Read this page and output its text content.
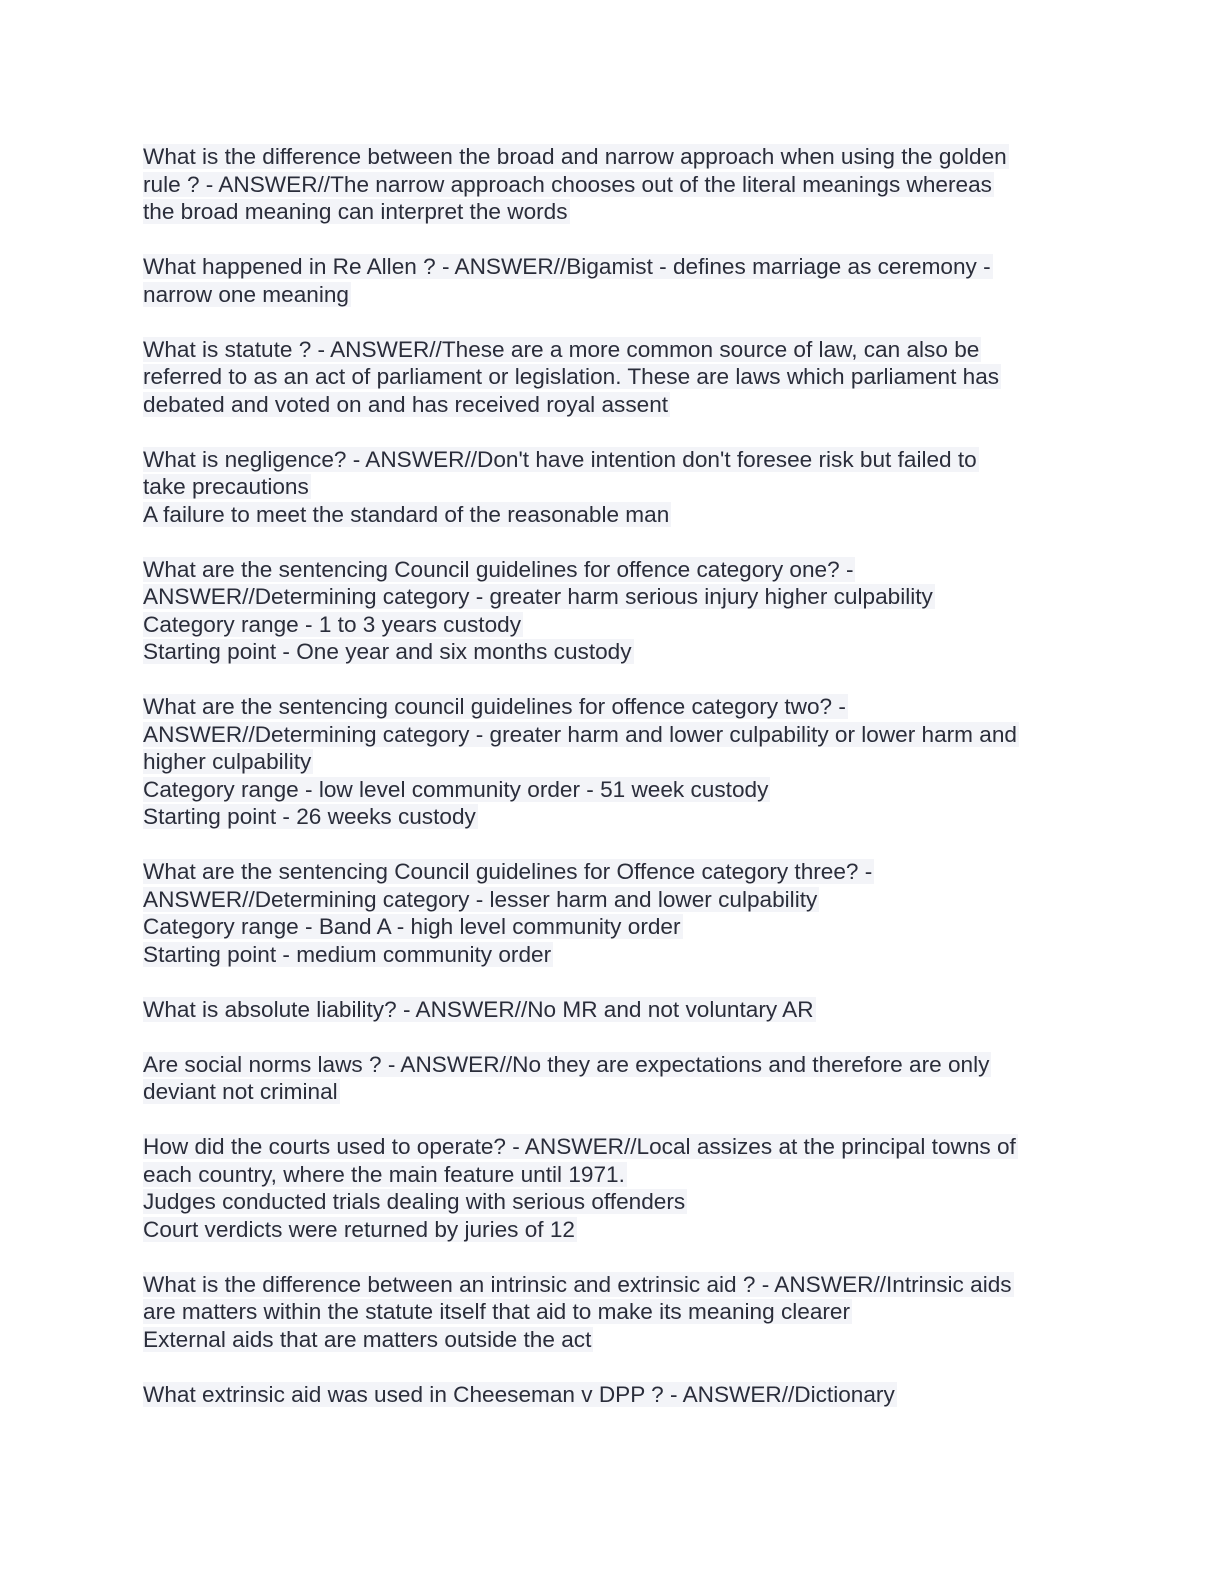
What is the difference between the broad and narrow approach when using the golden
rule ? - ANSWER//The narrow approach chooses out of the literal meanings whereas
the broad meaning can interpret the words
What happened in Re Allen ? - ANSWER//Bigamist - defines marriage as ceremony -
narrow one meaning
What is statute ? - ANSWER//These are a more common source of law, can also be
referred to as an act of parliament or legislation. These are laws which parliament has
debated and voted on and has received royal assent
What is negligence? - ANSWER//Don't have intention don't foresee risk but failed to
take precautions
A failure to meet the standard of the reasonable man
What are the sentencing Council guidelines for offence category one? -
ANSWER//Determining category - greater harm serious injury higher culpability
Category range - 1 to 3 years custody
Starting point - One year and six months custody
What are the sentencing council guidelines for offence category two? -
ANSWER//Determining category - greater harm and lower culpability or lower harm and
higher culpability
Category range - low level community order - 51 week custody
Starting point - 26 weeks custody
What are the sentencing Council guidelines for Offence category three? -
ANSWER//Determining category - lesser harm and lower culpability
Category range - Band A - high level community order
Starting point - medium community order
What is absolute liability? - ANSWER//No MR and not voluntary AR
Are social norms laws ? - ANSWER//No they are expectations and therefore are only
deviant not criminal
How did the courts used to operate? - ANSWER//Local assizes at the principal towns of
each country, where the main feature until 1971.
Judges conducted trials dealing with serious offenders
Court verdicts were returned by juries of 12
What is the difference between an intrinsic and extrinsic aid ? - ANSWER//Intrinsic aids
are matters within the statute itself that aid to make its meaning clearer
External aids that are matters outside the act
What extrinsic aid was used in Cheeseman v DPP ? - ANSWER//Dictionary
